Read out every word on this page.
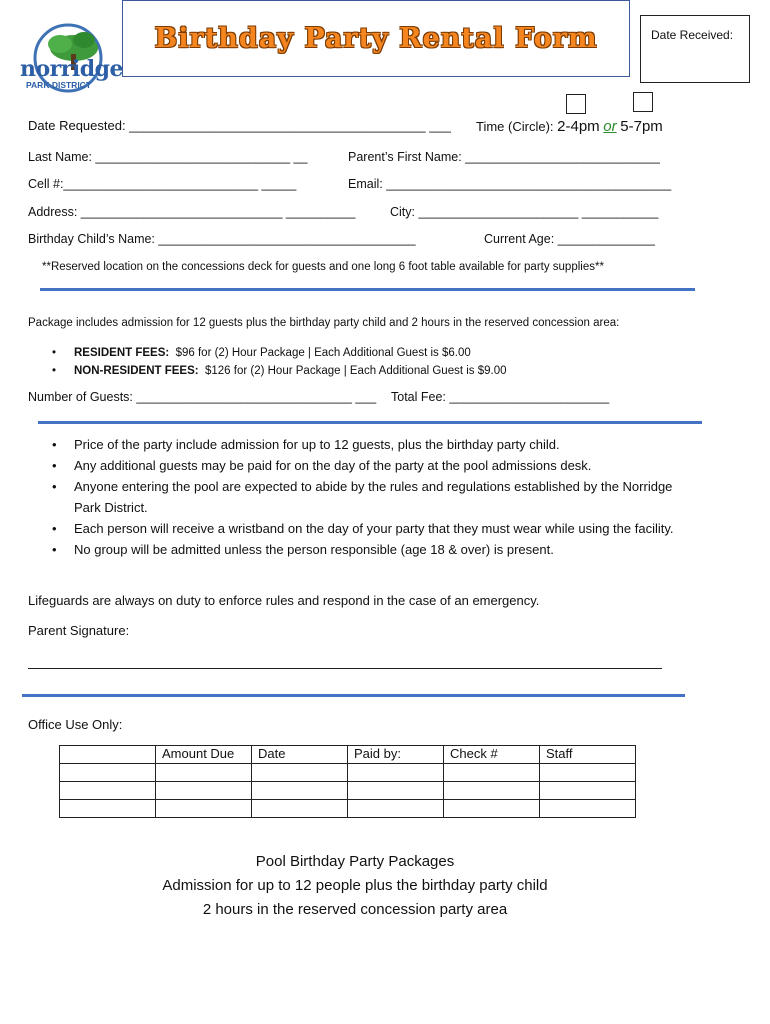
norridge
PARK DISTRICT
Birthday Party Rental Form	Date Received:
Date Requested: _________________________________________ ___ Time (Circle): 2-4pm or 5-7pm
Last Name: ____________________________ __	Parent’s First Name: ____________________________
Cell #:____________________________ _____	Email: _________________________________________
Address: _____________________________ __________	City: _______________________ ___________
Birthday Child’s Name: _____________________________________	Current Age: ______________
**Reserved location on the concessions deck for guests and one long 6 foot table available for party supplies**
Package includes admission for 12 guests plus the birthday party child and 2 hours in the reserved concession area:
• RESIDENT FEES: $96 for (2) Hour Package | Each Additional Guest is $6.00
• NON-RESIDENT FEES: $126 for (2) Hour Package | Each Additional Guest is $9.00
Number of Guests: _______________________________ ___ Total Fee: _______________________
• Price of the party include admission for up to 12 guests, plus the birthday party child.
• Any additional guests may be paid for on the day of the party at the pool admissions desk.
• Anyone entering the pool are expected to abide by the rules and regulations established by the Norridge Park District.
• Each person will receive a wristband on the day of your party that they must wear while using the facility.
• No group will be admitted unless the person responsible (age 18 & over) is present.
Lifeguards are always on duty to enforce rules and respond in the case of an emergency.
Parent Signature:
Office Use Only:
	Amount Due	Date	Paid by:	Check #	Staff

Pool Birthday Party Packages
Admission for up to 12 people plus the birthday party child
2 hours in the reserved concession party area
